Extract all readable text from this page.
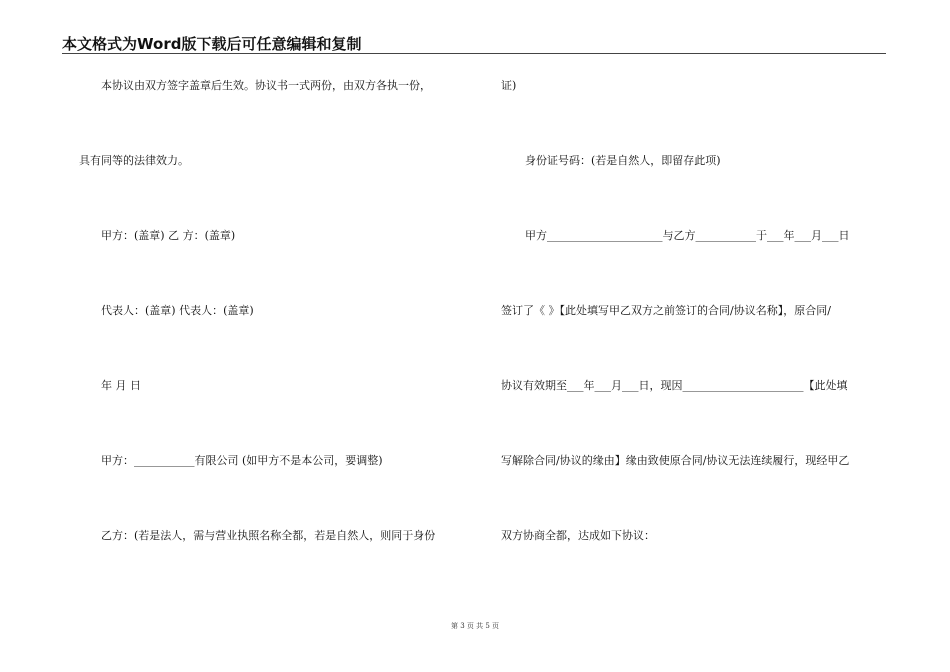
本文格式为Word版下载后可任意编辑和复制
本协议由双方签字盖章后生效。协议书一式两份，由双方各执一份，
具有同等的法律效力。
甲方：(盖章) 乙 方：(盖章)
代表人：(盖章) 代表人：(盖章)
年 月 日
甲方：___________有限公司 (如甲方不是本公司，要调整)
乙方：(若是法人，需与营业执照名称全都，若是自然人，则同于身份
证)
身份证号码：(若是自然人，即留存此项)
甲方_____________________与乙方___________于___年___月___日
签订了《 》【此处填写甲乙双方之前签订的合同/协议名称】，原合同/
协议有效期至___年___月___日，现因______________________【此处填
写解除合同/协议的缘由】缘由致使原合同/协议无法连续履行，现经甲乙
双方协商全都，达成如下协议：
第 3 页 共 5 页
